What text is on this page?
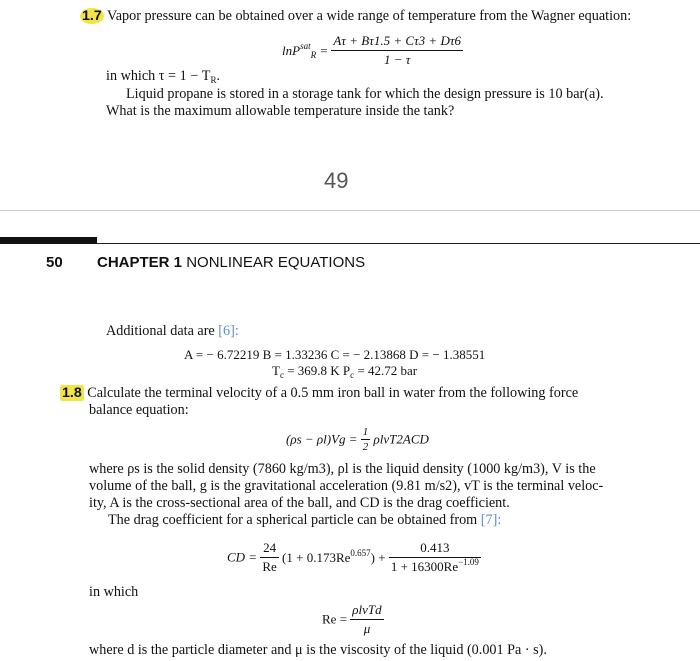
1.7 Vapor pressure can be obtained over a wide range of temperature from the Wagner equation:
$\ln P^{sat}_R = \frac{A\tau + B\tau 1.5 + C\tau 3 + D\tau 6}{1 - \tau}$
in which $\tau = 1 - T_R$.
Liquid propane is stored in a storage tank for which the design pressure is 10 bar(a).
What is the maximum allowable temperature inside the tank?
49
50 CHAPTER 1 NONLINEAR EQUATIONS
Additional data are [6]:
A = − 6.72219 B = 1.33236 C = − 2.13868 D = − 1.38551
$T_c = 369.8$ K $P_c = 42.72$ bar
1.8 Calculate the terminal velocity of a 0.5 mm iron ball in water from the following force
balance equation:
$(\rho s - \rho l)Vg = \frac{1}{2} \rho lvT2ACD$
where ρs is the solid density (7860 kg/m3), ρl is the liquid density (1000 kg/m3), V is the
volume of the ball, g is the gravitational acceleration (9.81 m/s2), vT is the terminal veloc-
ity, A is the cross-sectional area of the ball, and CD is the drag coefficient.
The drag coefficient for a spherical particle can be obtained from [7]:
CD = $\frac{24}{Re} (1 + 0.173Re^{0.657}) + \frac{0.413}{1 + 16300Re^{-1.09}}$
in which
$Re = \frac{\text{ρlvTd}}{\mu}$
where d is the particle diameter and μ is the viscosity of the liquid (0.001 Pa · s).
